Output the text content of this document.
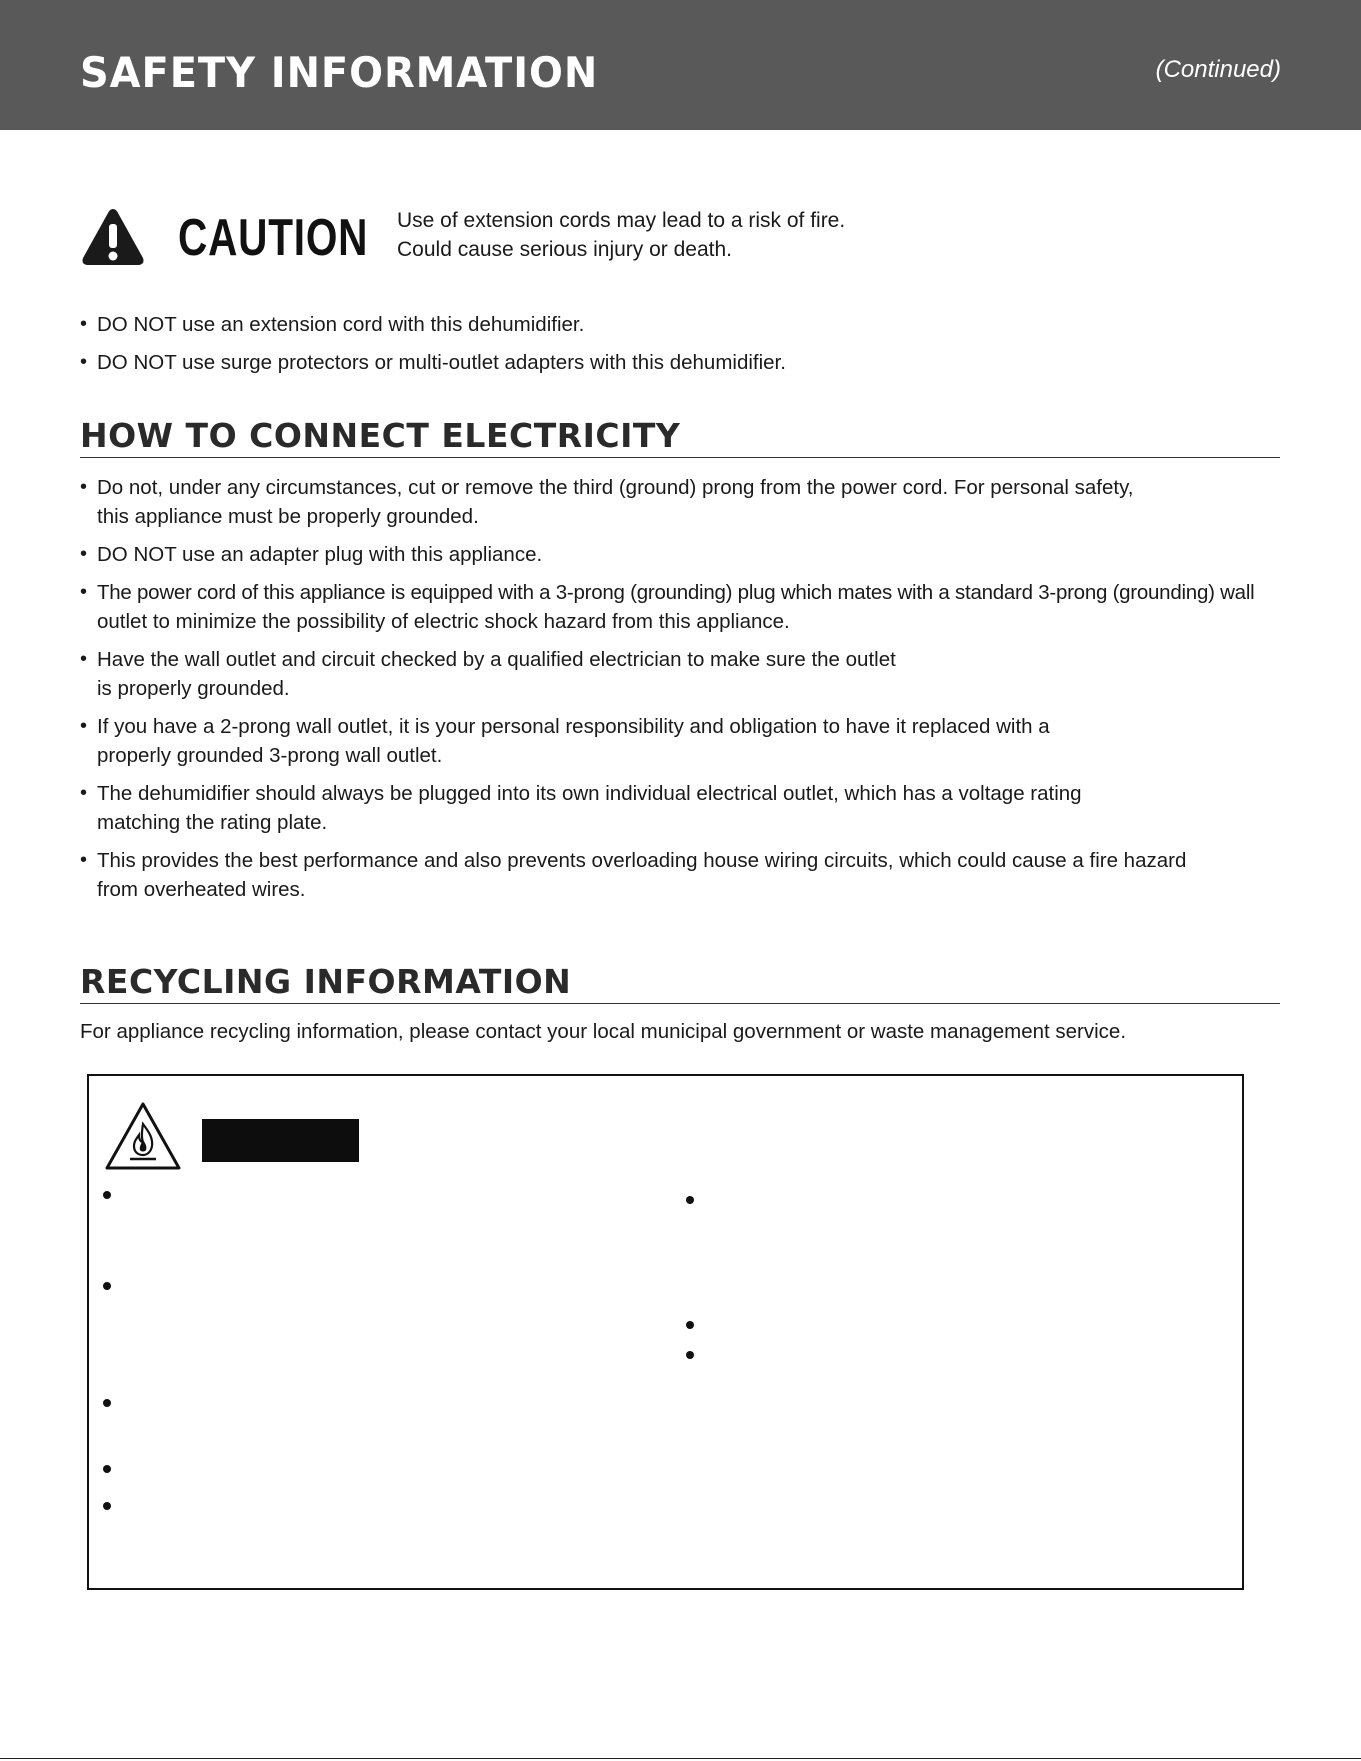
SAFETY INFORMATION	(Continued)
CAUTION Use of extension cords may lead to a risk of fire.
Could cause serious injury or death.
• DO NOT use an extension cord with this dehumidifier.
• DO NOT use surge protectors or multi-outlet adapters with this dehumidifier.
HOW TO CONNECT ELECTRICITY
• Do not, under any circumstances, cut or remove the third (ground) prong from the power cord. For personal safety,
this appliance must be properly grounded.
• DO NOT use an adapter plug with this appliance.
• The power cord of this appliance is equipped with a 3-prong (grounding) plug which mates with a standard 3-prong (grounding) wall
outlet to minimize the possibility of electric shock hazard from this appliance.
• Have the wall outlet and circuit checked by a qualified electrician to make sure the outlet
is properly grounded.
• If you have a 2-prong wall outlet, it is your personal responsibility and obligation to have it replaced with a
properly grounded 3-prong wall outlet.
• The dehumidifier should always be plugged into its own individual electrical outlet, which has a voltage rating
matching the rating plate.
• This provides the best performance and also prevents overloading house wiring circuits, which could cause a fire hazard
from overheated wires.
RECYCLING INFORMATION
For appliance recycling information, please contact your local municipal government or waste management service.
